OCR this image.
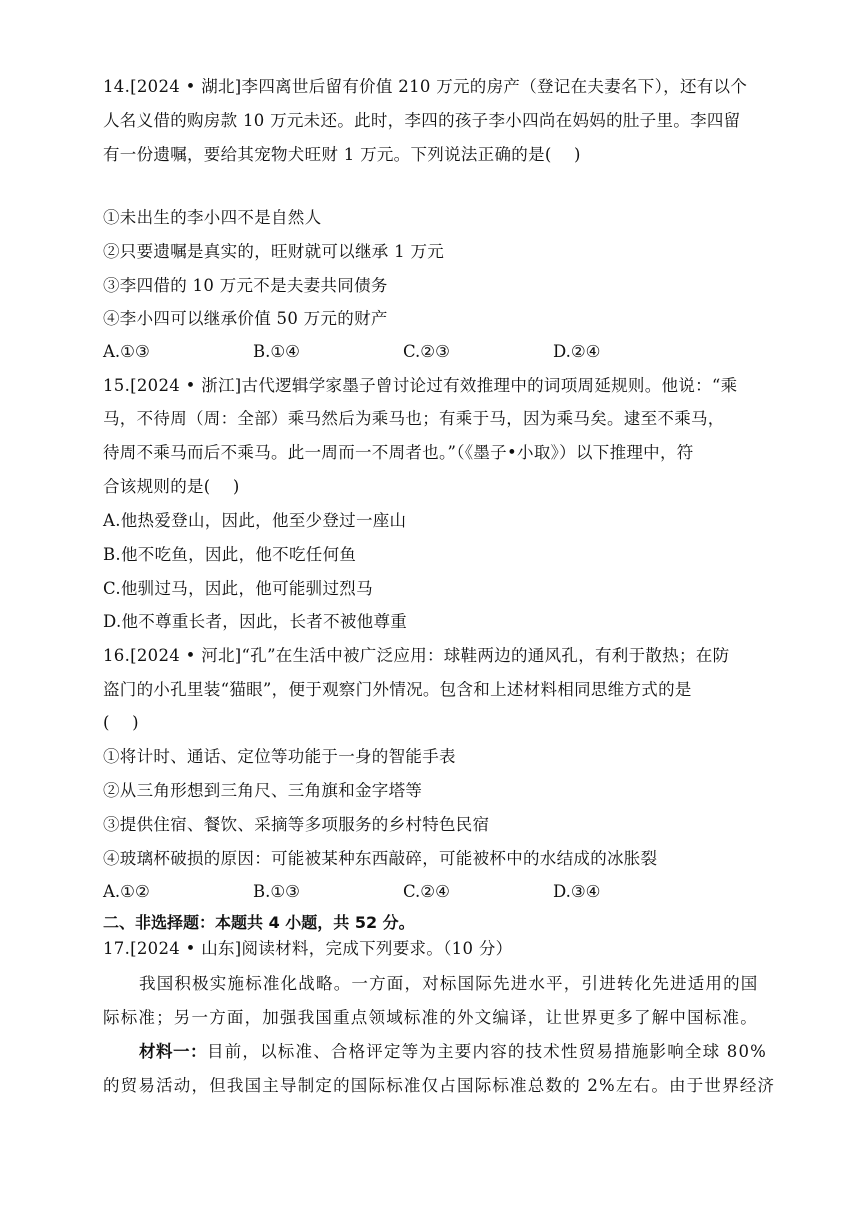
14.[2024 • 湖北]李四离世后留有价值 210 万元的房产（登记在夫妻名下），还有以个
人名义借的购房款 10 万元未还。此时，李四的孩子李小四尚在妈妈的肚子里。李四留
有一份遗嘱，要给其宠物犬旺财 1 万元。下列说法正确的是(　 )
①未出生的李小四不是自然人
②只要遗嘱是真实的，旺财就可以继承 1 万元
③李四借的 10 万元不是夫妻共同债务
④李小四可以继承价值 50 万元的财产
A.①③	B.①④	C.②③	D.②④
15.[2024 • 浙江]古代逻辑学家墨子曾讨论过有效推理中的词项周延规则。他说：“乘
马，不待周（周：全部）乘马然后为乘马也；有乘于马，因为乘马矣。逮至不乘马，
待周不乘马而后不乘马。此一周而一不周者也。”（《墨子•小取》）以下推理中，符
合该规则的是(　 )
A.他热爱登山，因此，他至少登过一座山
B.他不吃鱼，因此，他不吃任何鱼
C.他驯过马，因此，他可能驯过烈马
D.他不尊重长者，因此，长者不被他尊重
16.[2024 • 河北]“孔”在生活中被广泛应用：球鞋两边的通风孔，有利于散热；在防
盗门的小孔里装“猫眼”，便于观察门外情况。包含和上述材料相同思维方式的是
(　 )
①将计时、通话、定位等功能于一身的智能手表
②从三角形想到三角尺、三角旗和金字塔等
③提供住宿、餐饮、采摘等多项服务的乡村特色民宿
④玻璃杯破损的原因：可能被某种东西敲碎，可能被杯中的水结成的冰胀裂
A.①②	B.①③	C.②④	D.③④
二、非选择题：本题共 4 小题，共 52 分。
17.[2024 • 山东]阅读材料，完成下列要求。（10 分）
我国积极实施标准化战略。一方面，对标国际先进水平，引进转化先进适用的国
际标准；另一方面，加强我国重点领域标准的外文编译，让世界更多了解中国标准。
材料一：目前，以标准、合格评定等为主要内容的技术性贸易措施影响全球 80%
的贸易活动，但我国主导制定的国际标准仅占国际标准总数的 2%左右。由于世界经济
